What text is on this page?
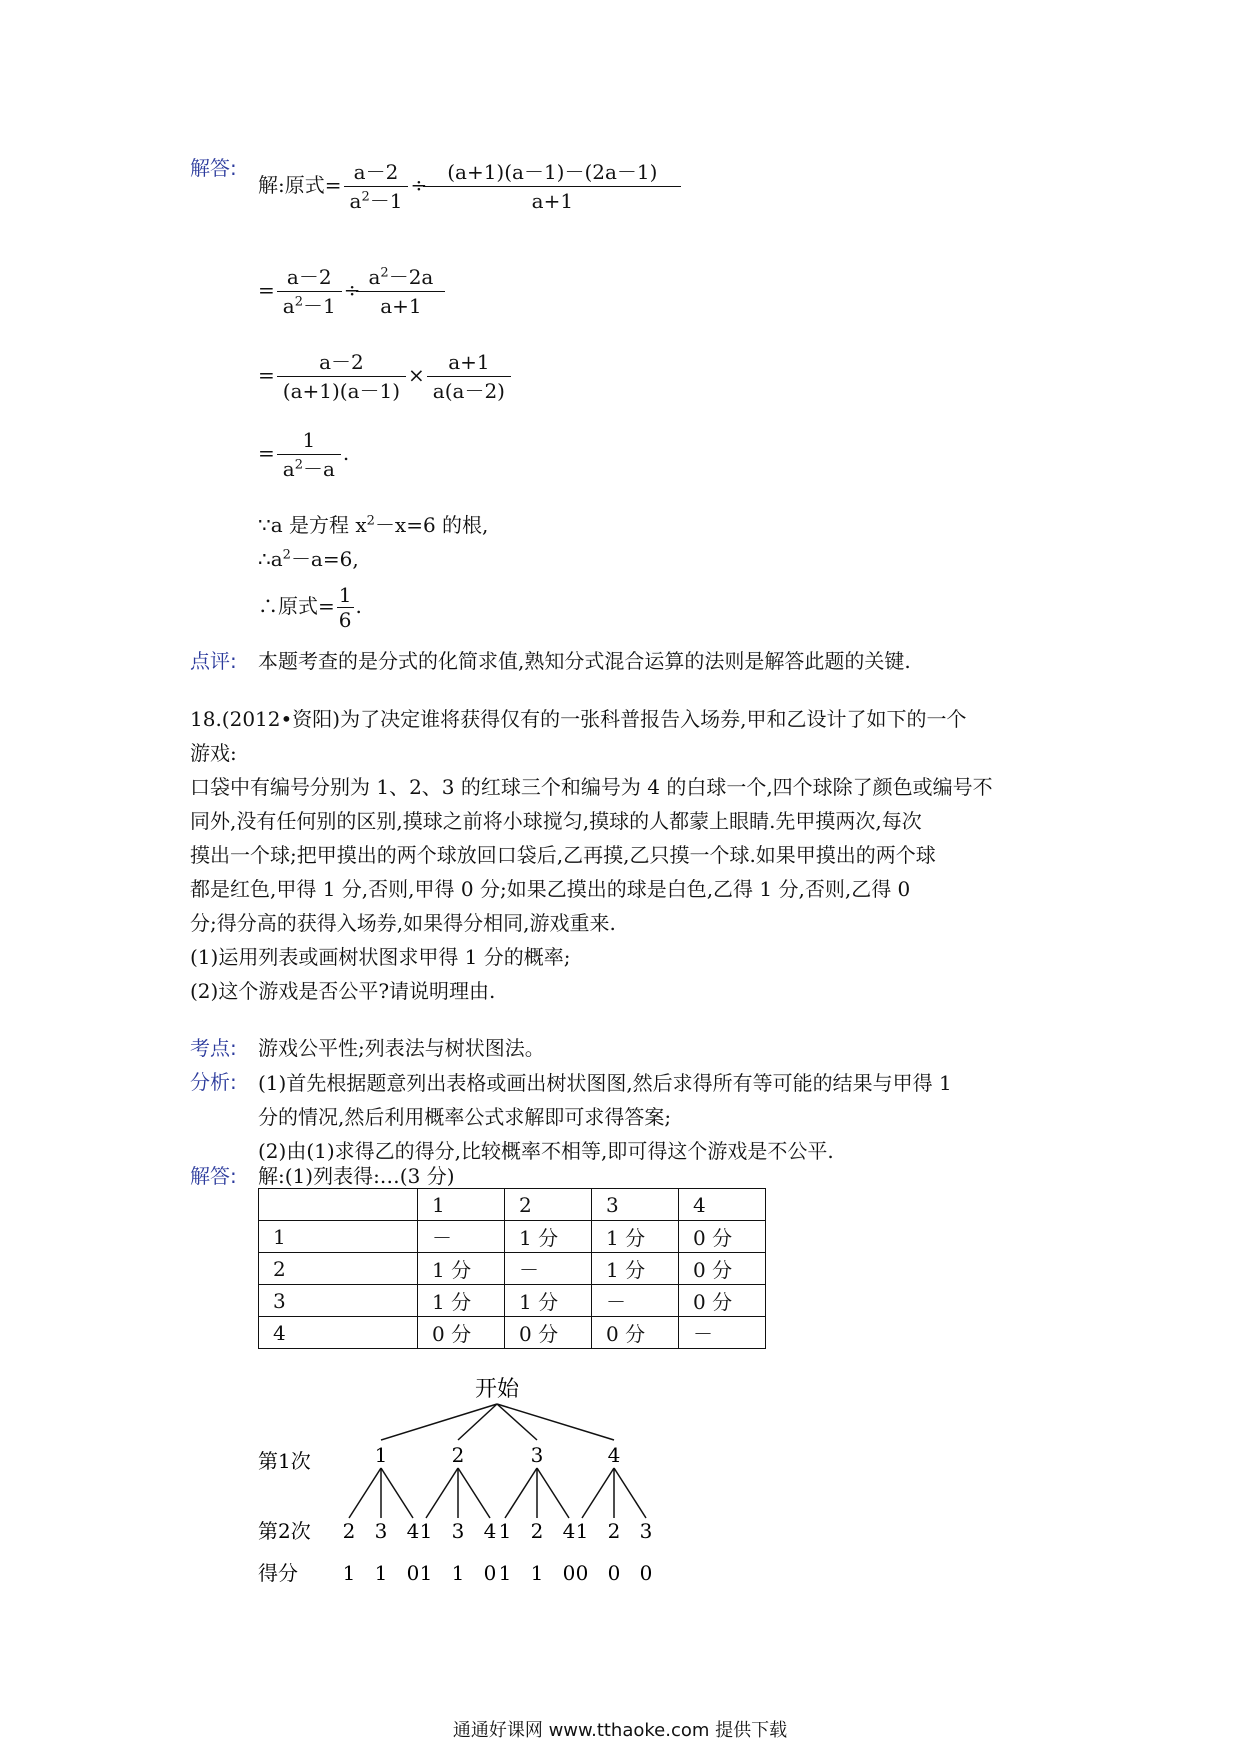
解答:
解:原式= $\frac{a-2}{a^2-1} \div \frac{(a+1)(a-1)-(2a-1)}{a+1}$
= $\frac{a-2}{a^2-1} \div \frac{a^2-2a}{a+1}$
= $\frac{a-2}{(a+1)(a-1)} \times \frac{a+1}{a(a-2)}$
= $\frac{1}{a^2-a}$ .
∵a 是方程 $x^2-x=6$ 的根,
$\therefore a^2-a=6$,
∴原式= $\frac{1}{6}$ .
点评: 本题考查的是分式的化简求值,熟知分式混合运算的法则是解答此题的关键.
18.(2012•资阳)为了决定谁将获得仅有的一张科普报告入场券,甲和乙设计了如下的一个
游戏:
口袋中有编号分别为 1、2、3 的红球三个和编号为 4 的白球一个,四个球除了颜色或编号不
同外,没有任何别的区别,摸球之前将小球搅匀,摸球的人都蒙上眼睛.先甲摸两次,每次
摸出一个球;把甲摸出的两个球放回口袋后,乙再摸,乙只摸一个球.如果甲摸出的两个球
都是红色,甲得 1 分,否则,甲得 0 分;如果乙摸出的球是白色,乙得 1 分,否则,乙得 0
分;得分高的获得入场券,如果得分相同,游戏重来.
(1)运用列表或画树状图求甲得 1 分的概率;
(2)这个游戏是否公平?请说明理由.
考点: 游戏公平性;列表法与树状图法。
分析: (1)首先根据题意列出表格或画出树状图图,然后求得所有等可能的结果与甲得 1
分的情况,然后利用概率公式求解即可求得答案;
(2)由(1)求得乙的得分,比较概率不相等,即可得这个游戏是不公平.
解答: 解:(1)列表得:…(3 分)
	1	2	3	4
1	－	1 分	1 分	0 分
2	1 分	－	1 分	0 分
3	1 分	1 分	－	0 分
4	0 分	0 分	0 分	－
开始
第1次
第2次
得分
1
2
1
3
1
4
0
2
1
1
3
1
4
0
3
1
1
2
1
4
0
4
1
0
2
0
3
0
通通好课网 www.tthaoke.com 提供下载
